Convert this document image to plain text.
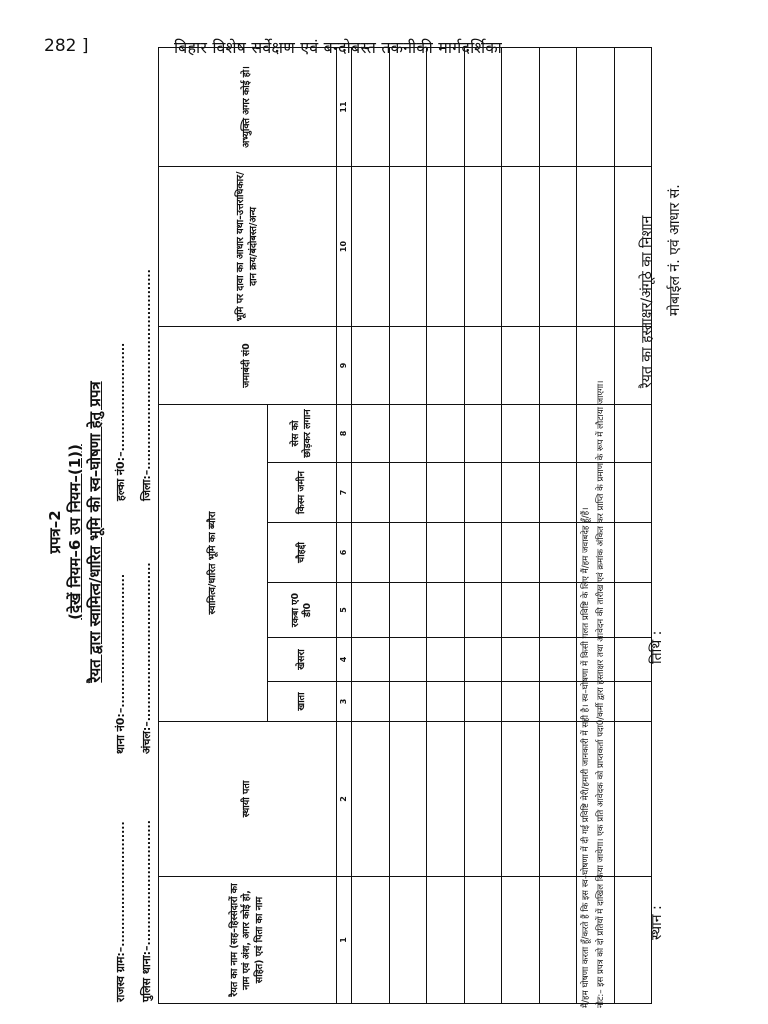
282 ]	बिहार विशेष सर्वेक्षण एवं बन्दोबस्त तकनीकी मार्गदर्शिका
प्रपत्र–2 (देखें नियम–6 उप नियम–(1)) रैयत द्वारा स्वामित्व/धारित भूमि की स्व–घोषणा हेतु प्रपत्र
राजस्व ग्राम:–..............................
थाना नं0:–................................
हल्का नं0:–..........................
पुलिस थाना:–..............................
अंचल:–......................................
जिला:–................................................
रैयत का नाम (सह–हिस्सेदारों का नाम एवं अंश, अगर कोई हो, सहित) एवं पिता का नाम	स्थायी पता	स्वामित्व/धारित भूमि का ब्यौरा						जमाबंदी सं0	भूमि पर दावा का आधार यथा–उत्तराधिकार/दान क्रय/बंदोबस्त/अन्य	अभ्युक्ति अगर कोई हो।
		खाता	खेसरा	रकबा ए0 डी0	चौहद्दी	किस्म जमीन	सेस को छोड़कर लगान			
1	2	3	4	5	6	7	8	9	10	11

मैं/हम घोषणा करता हूँ/करते हैं कि इस स्व–घोषणा में दी गई प्रविष्टि मेरी/हमारी जानकारी में सही है। स्व–घोषणा में किसी गलत प्रविष्टि के लिए मैं/हम जवाबदेह हूँ/हैं। नोट:– इस प्रपत्र को दो प्रतियों में दाखिल किया जायेगा। एक प्रति आवेदक को प्राप्तकर्ता पदा0/कर्मी द्वारा हस्ताक्षर तथा आवेदन की तारीख एवं क्रमांक अंकित कर प्राप्ति के प्रमाण के रूप में लौटाया जाएगा।	स्थान :
तिथि :
रैयत का हस्ताक्षर/अंगूठे का निशान मोबाईल नं. एवं आधार सं.
